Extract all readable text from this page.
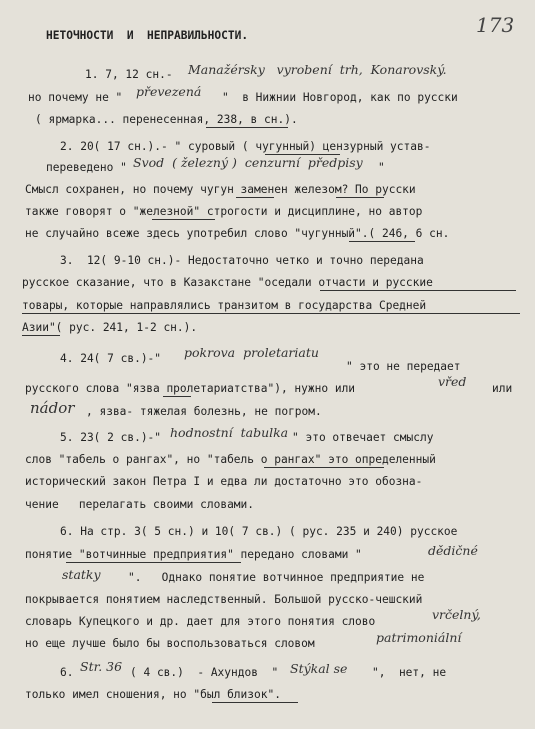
173
НЕТОЧНОСТИ  И  НЕПРАВИЛЬНОСТИ.
1. 7, 12 сн.- Manažérsky   vyrobení  trh,  Konarovský.
но почему не " převezená "  в Нижнии Новгород, как по русски
( ярмарка... перенесенная, 238, в сн.).
2. 20( 17 сн.).- " суровый ( чугунный) цензурный устав-
переведено " Svod  ( železný )  cenzurní  předpisy "
Смысл сохранен, но почему чугун заменен железом? По русски
также говорят о "железной" строгости и дисциплине, но автор
не случайно всеже здесь употребил слово "чугунный".( 246, 6 сн.
3.  12( 9-10 сн.)- Недостаточно четко и точно передана
русское сказание, что в Казакстане "оседали отчасти и русские
товары, которые направлялись транзитом в государства Средней
Азии"( рус. 241, 1-2 сн.).
4. 24( 7 св.)-" pokrova  proletariatu
" это не передает
русского слова "язва пролетариатства"), нужно или	vřed или
nádor , язва- тяжелая болезнь, не погром.
5. 23( 2 св.)-" hodnostní  tabulka " это отвечает смыслу
слов "табель о рангах", но "табель о рангах" это определенный
исторический закон Петра I и едва ли достаточно это обозна-
чение   перелагать своими словами.
6. На стр. 3( 5 сн.) и 10( 7 св.) ( рус. 235 и 240) русское
понятие "вотчинные предприятия" передано словами "	dědičné
statky ".   Однако понятие вотчинное предприятие не
покрывается понятием наследственный. Большой русско-чешский
словарь Купецкого и др. дает для этого понятия слово	vrčelný,
но еще лучше было бы воспользоваться словом	patrimoniální
6. Str. 36 ( 4 св.)  - Ахундов  " Stýkal se ",  нет, не
только имел сношения, но "был близок".
